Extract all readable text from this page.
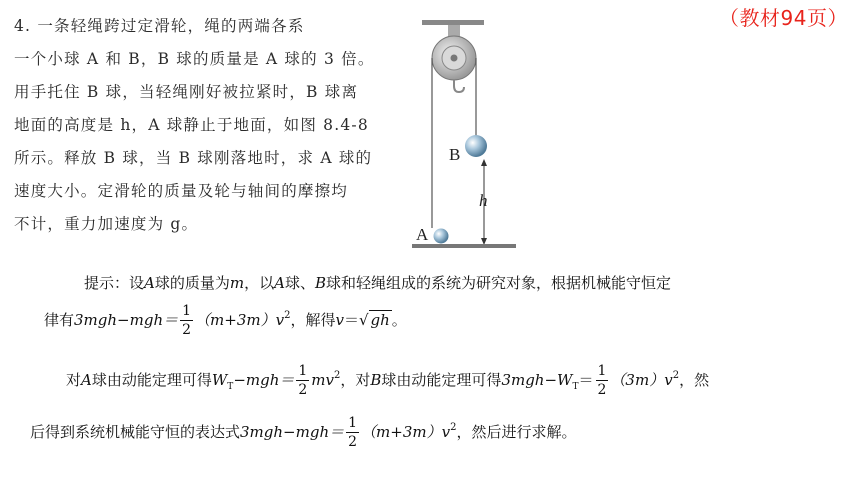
（教材94页）
4. 一条轻绳跨过定滑轮，绳的两端各系
一个小球 A 和 B，B 球的质量是 A 球的 3 倍。
用手托住 B 球，当轻绳刚好被拉紧时，B 球离
地面的高度是 h，A 球静止于地面，如图 8.4-8
所示。释放 B 球，当 B 球刚落地时，求 A 球的
速度大小。定滑轮的质量及轮与轴间的摩擦均
不计，重力加速度为 g。
B
h
A
提示：设A球的质量为m，以A球、B球和轻绳组成的系统为研究对象，根据机械能守恒定
律有$3mgh-mgh= \frac{1}{2} (m+3m)v^2$，解得v＝√ gh 。
对A球由动能定理可得$W_T-mgh= \frac{1}{2} mv^2$，对B球由动能定理可得$3mgh-W_T= \frac{1}{2} (3m)v^2$，然
后得到系统机械能守恒的表达式$3mgh-mgh= \frac{1}{2} (m+3m)v^2$，然后进行求解。
